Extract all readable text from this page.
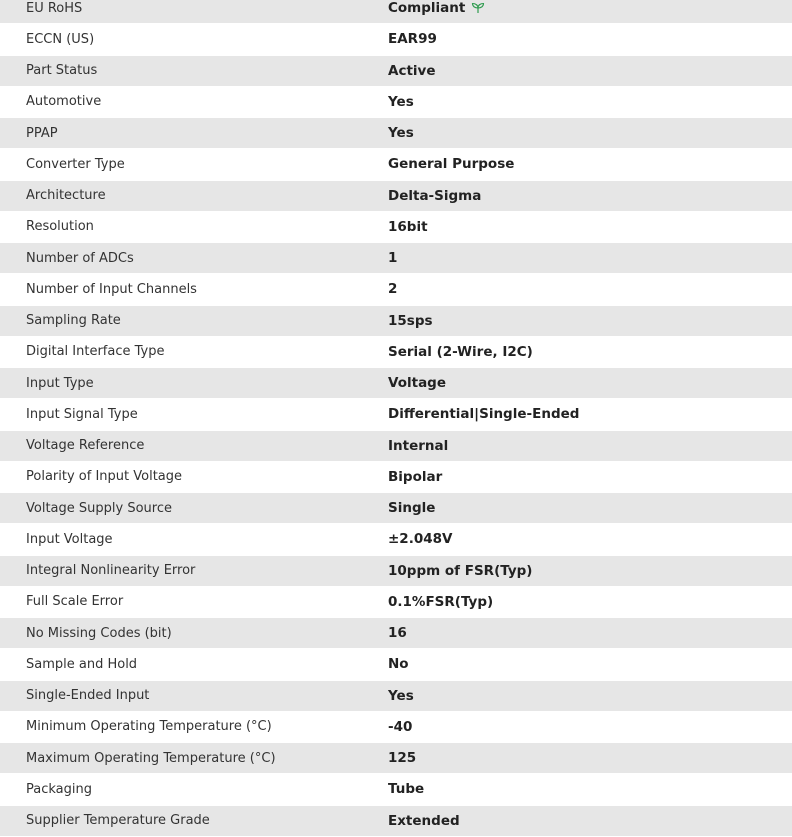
EU RoHS	Compliant
ECCN (US)	EAR99
Part Status	Active
Automotive	Yes
PPAP	Yes
Converter Type	General Purpose
Architecture	Delta-Sigma
Resolution	16bit
Number of ADCs	1
Number of Input Channels	2
Sampling Rate	15sps
Digital Interface Type	Serial (2-Wire, I2C)
Input Type	Voltage
Input Signal Type	Differential|Single-Ended
Voltage Reference	Internal
Polarity of Input Voltage	Bipolar
Voltage Supply Source	Single
Input Voltage	±2.048V
Integral Nonlinearity Error	10ppm of FSR(Typ)
Full Scale Error	0.1%FSR(Typ)
No Missing Codes (bit)	16
Sample and Hold	No
Single-Ended Input	Yes
Minimum Operating Temperature (°C)	-40
Maximum Operating Temperature (°C)	125
Packaging	Tube
Supplier Temperature Grade	Extended
